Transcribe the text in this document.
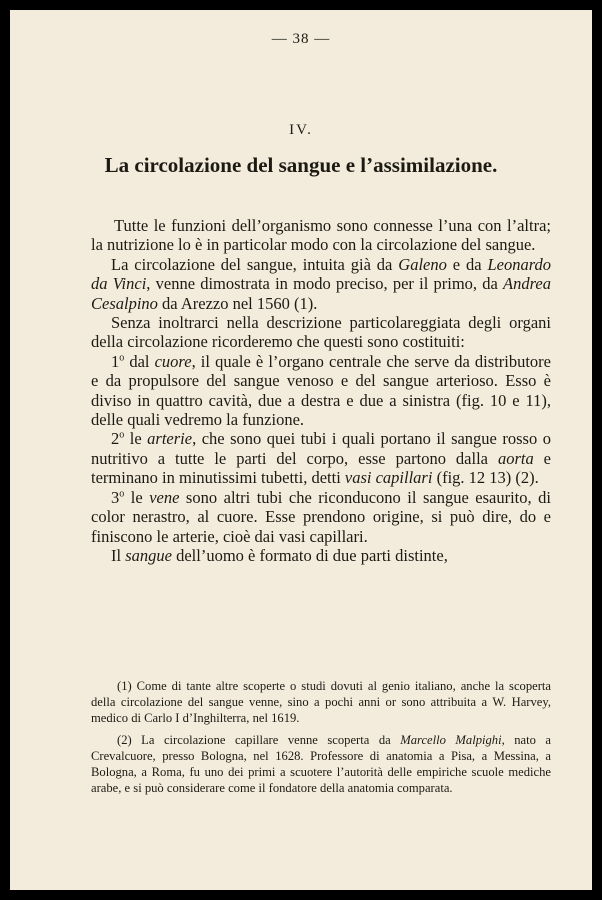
— 38 —
IV.
La circolazione del sangue e l’assimilazione.

Tutte le funzioni dell’organismo sono connesse l’una con l’altra; la nutrizione lo è in particolar modo con la circolazione del sangue.

La circolazione del sangue, intuita già da Galeno e da Leonardo da Vinci, venne dimostrata in modo preciso, per il primo, da Andrea Cesalpino da Arezzo nel 1560 (1).

Senza inoltrarci nella descrizione particolareggiata degli organi della circolazione ricorderemo che questi sono costituiti:

1$^o$ dal cuore, il quale è l’organo centrale che serve da distributore e da propulsore del sangue venoso e del sangue arterioso. Esso è diviso in quattro cavità, due a destra e due a sinistra (fig. 10 e 11), delle quali vedremo la funzione.

2$^o$ le arterie, che sono quei tubi i quali portano il sangue rosso o nutritivo a tutte le parti del corpo, esse partono dalla aorta e terminano in minutissimi tubetti, detti vasi capillari (fig. 12 13) (2).

3$^o$ le vene sono altri tubi che riconducono il sangue esaurito, di color nerastro, al cuore. Esse prendono origine, si può dire, do e finiscono le arterie, cioè dai vasi capillari.

Il sangue dell’uomo è formato di due parti distinte,

(1) Come di tante altre scoperte o studi dovuti al genio italiano, anche la scoperta della circolazione del sangue venne, sino a pochi anni or sono attribuita a W. Harvey, medico di Carlo I d’Inghilterra, nel 1619.

(2) La circolazione capillare venne scoperta da Marcello Malpighi, nato a Crevalcuore, presso Bologna, nel 1628. Professore di anatomia a Pisa, a Messina, a Bologna, a Roma, fu uno dei primi a scuotere l’autorità delle empiriche scuole mediche arabe, e si può considerare come il fondatore della anatomia comparata.
